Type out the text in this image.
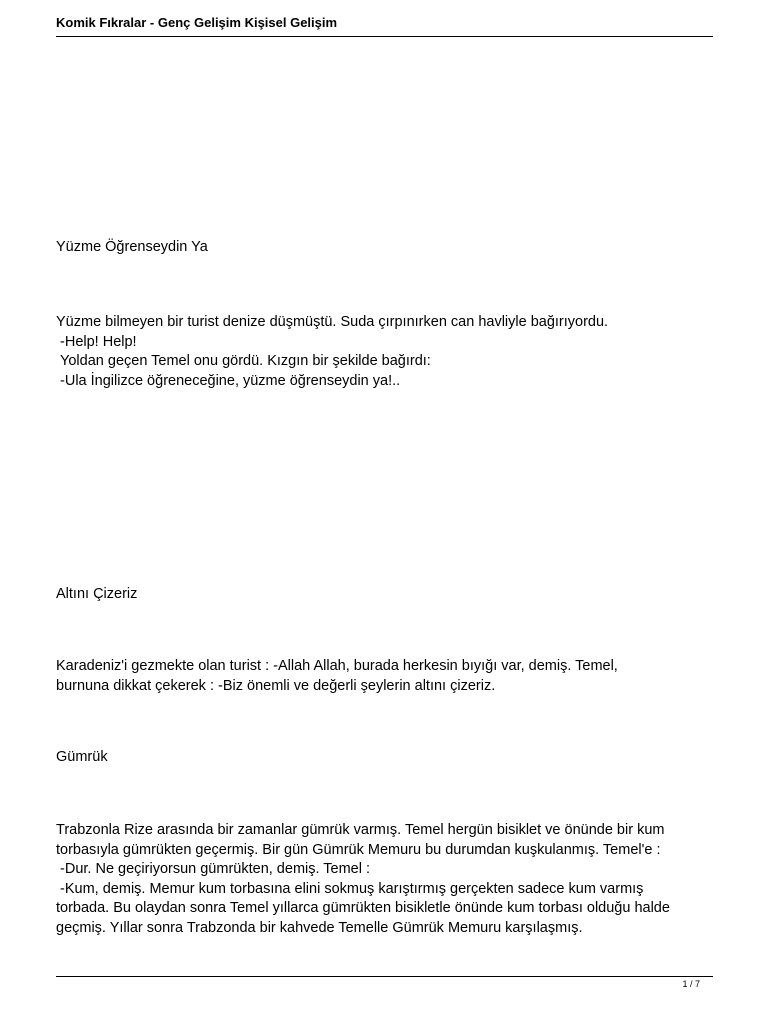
Komik Fıkralar - Genç Gelişim Kişisel Gelişim
Yüzme Öğrenseydin Ya
Yüzme bilmeyen bir turist denize düşmüştü. Suda çırpınırken can havliyle bağırıyordu.
-Help! Help!
Yoldan geçen Temel onu gördü. Kızgın bir şekilde bağırdı:
-Ula İngilizce öğreneceğine, yüzme öğrenseydin ya!..
Altını Çizeriz
Karadeniz'i gezmekte olan turist : -Allah Allah, burada herkesin bıyığı var, demiş. Temel,
burnuna dikkat çekerek : -Biz önemli ve değerli şeylerin altını çizeriz.
Gümrük
Trabzonla Rize arasında bir zamanlar gümrük varmış. Temel hergün bisiklet ve önünde bir kum
torbasıyla gümrükten geçermiş. Bir gün Gümrük Memuru bu durumdan kuşkulanmış. Temel'e :
-Dur. Ne geçiriyorsun gümrükten, demiş. Temel :
-Kum, demiş. Memur kum torbasına elini sokmuş karıştırmış gerçekten sadece kum varmış
torbada. Bu olaydan sonra Temel yıllarca gümrükten bisikletle önünde kum torbası olduğu halde
geçmiş. Yıllar sonra Trabzonda bir kahvede Temelle Gümrük Memuru karşılaşmış.
1 / 7
